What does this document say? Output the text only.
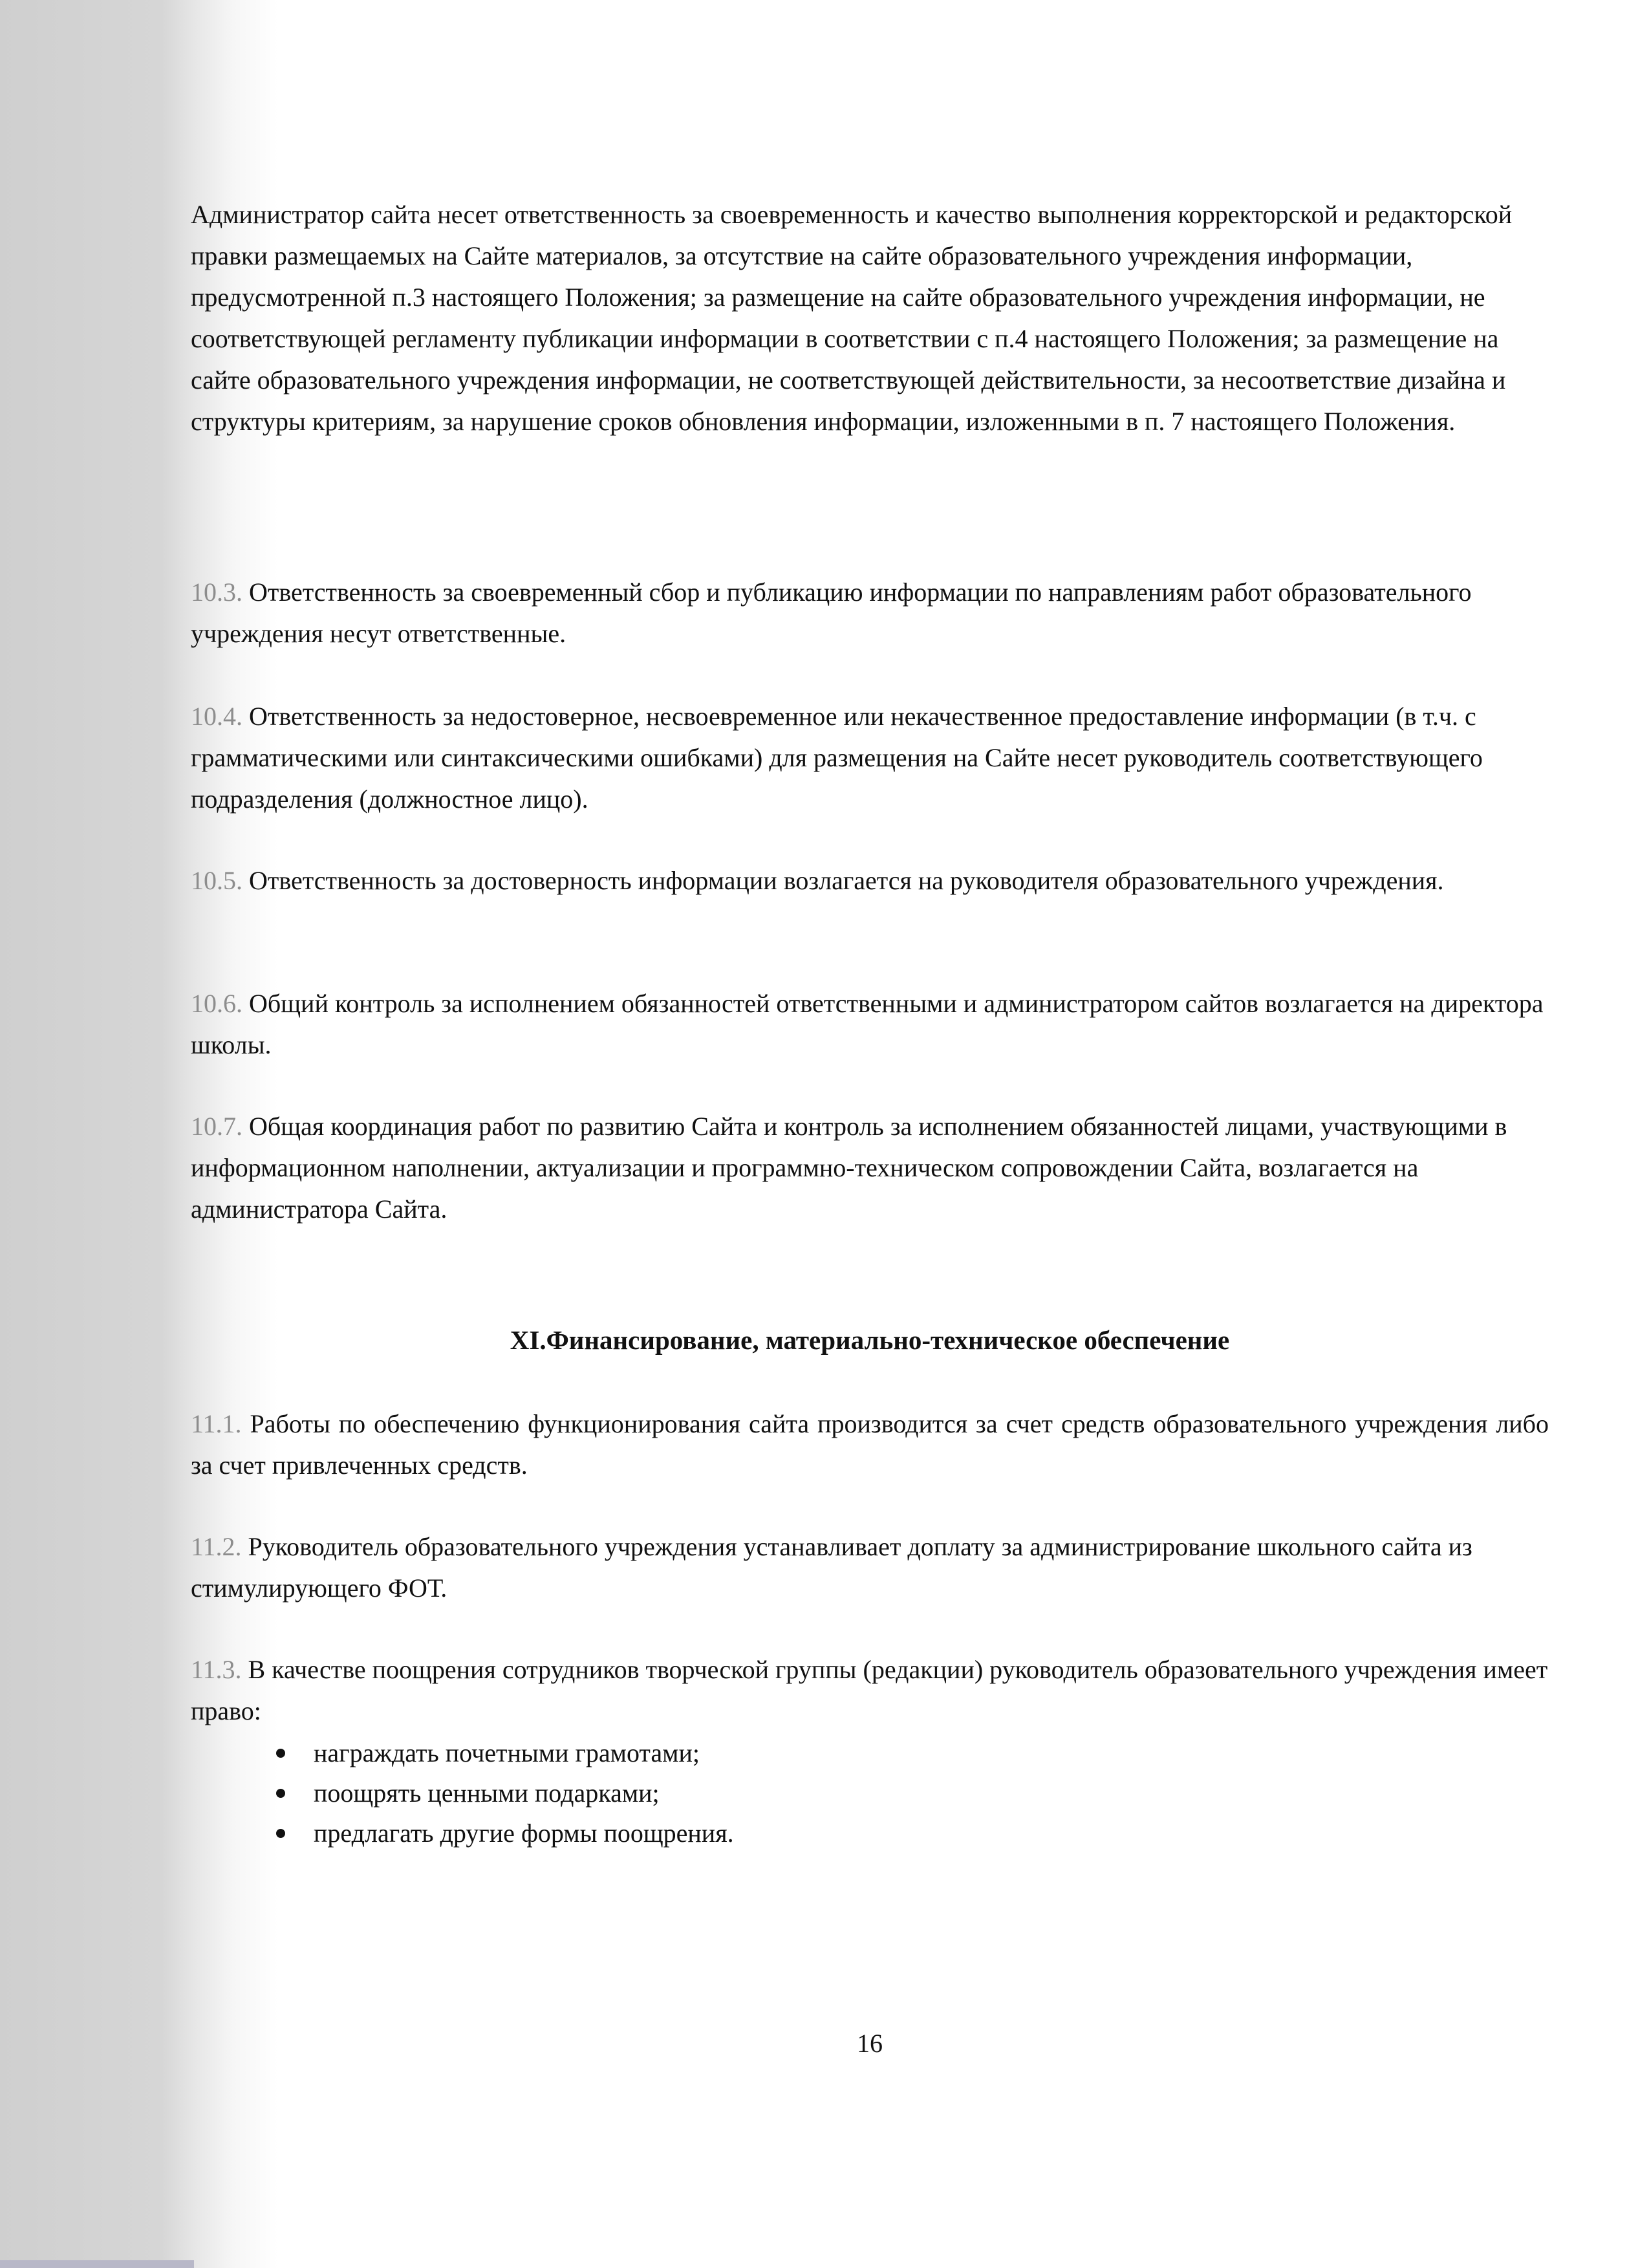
Администратор сайта несет ответственность за своевременность и качество выполнения корректорской и редакторской правки размещаемых на Сайте материалов, за отсутствие на сайте образовательного учреждения информации, предусмотренной п.3 настоящего Положения; за размещение на сайте образовательного учреждения информации, не соответствующей регламенту публикации информации в соответствии с п.4 настоящего Положения; за размещение на сайте образовательного учреждения информации, не соответствующей действительности, за несоответствие дизайна и структуры критериям, за нарушение сроков обновления информации, изложенными в п. 7 настоящего Положения.

10.3. Ответственность за своевременный сбор и публикацию информации по направлениям работ образовательного учреждения несут ответственные.

10.4. Ответственность за недостоверное, несвоевременное или некачественное предоставление информации (в т.ч. с грамматическими или синтаксическими ошибками) для размещения на Сайте несет руководитель соответствующего подразделения (должностное лицо).

10.5. Ответственность за достоверность информации возлагается на руководителя образовательного учреждения.

10.6. Общий контроль за исполнением обязанностей ответственными и администратором сайтов возлагается на директора школы.

10.7. Общая координация работ по развитию Сайта и контроль за исполнением обязанностей лицами, участвующими в информационном наполнении, актуализации и программно-техническом сопровождении Сайта, возлагается на администратора Сайта.

XI.Финансирование, материально-техническое обеспечение

11.1. Работы по обеспечению функционирования сайта производится за счет средств образовательного учреждения либо за счет привлеченных средств.

11.2. Руководитель образовательного учреждения устанавливает доплату за администрирование школьного сайта из стимулирующего ФОТ.

11.3. В качестве поощрения сотрудников творческой группы (редакции) руководитель образовательного учреждения имеет право:

награждать почетными грамотами;
поощрять ценными подарками;
предлагать другие формы поощрения.
16
